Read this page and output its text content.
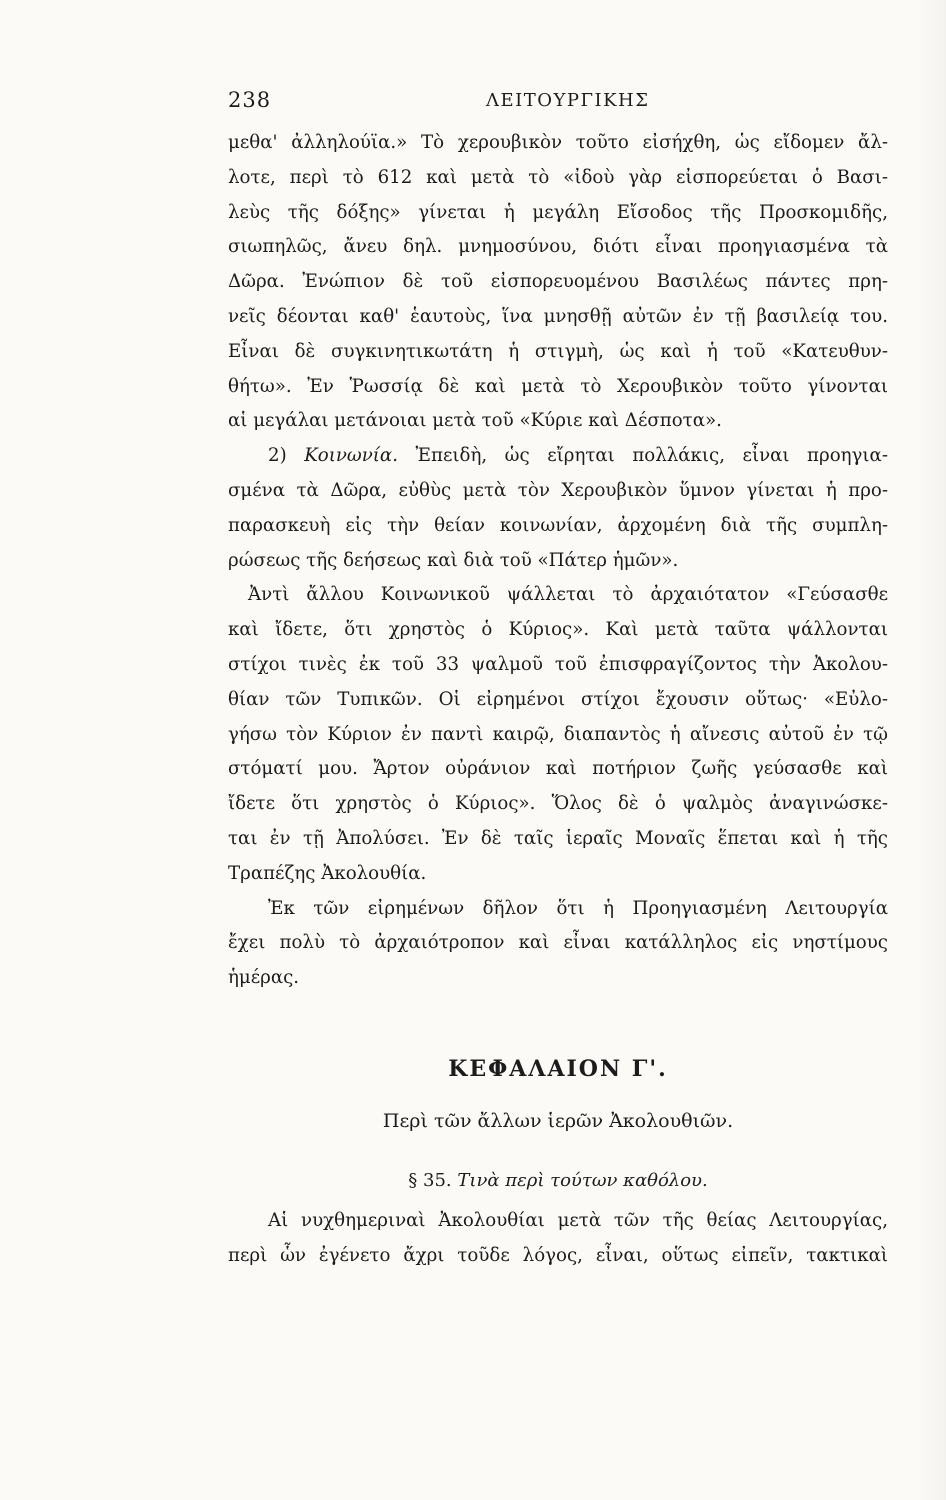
238	ΛΕΙΤΟΥΡΓΙΚΗΣ

μεθα' ἀλληλούϊα.» Τὸ χερουβικὸν τοῦτο εἰσήχθη, ὡς εἴδομεν ἄλ-
λοτε, περὶ τὸ 612 καὶ μετὰ τὸ «ἰδοὺ γὰρ εἰσπορεύεται ὁ Βασι-
λεὺς τῆς δόξης» γίνεται ἡ μεγάλη Εἴσοδος τῆς Προσκομιδῆς,
σιωπηλῶς, ἄνευ δηλ. μνημοσύνου, διότι εἶναι προηγιασμένα τὰ
Δῶρα. Ἐνώπιον δὲ τοῦ εἰσπορευομένου Βασιλέως πάντες πρη-
νεῖς δέονται καθ' ἑαυτοὺς, ἵνα μνησθῇ αὐτῶν ἐν τῇ βασιλείᾳ του.
Εἶναι δὲ συγκινητικωτάτη ἡ στιγμὴ, ὡς καὶ ἡ τοῦ «Κατευθυν-
θήτω». Ἐν Ῥωσσίᾳ δὲ καὶ μετὰ τὸ Χερουβικὸν τοῦτο γίνονται
αἱ μεγάλαι μετάνοιαι μετὰ τοῦ «Κύριε καὶ Δέσποτα».

2) Κοινωνία. Ἐπειδὴ, ὡς εἴρηται πολλάκις, εἶναι προηγια-
σμένα τὰ Δῶρα, εὐθὺς μετὰ τὸν Χερουβικὸν ὕμνον γίνεται ἡ προ-
παρασκευὴ εἰς τὴν θείαν κοινωνίαν, ἀρχομένη διὰ τῆς συμπλη-
ρώσεως τῆς δεήσεως καὶ διὰ τοῦ «Πάτερ ἡμῶν».

Ἀντὶ ἄλλου Κοινωνικοῦ ψάλλεται τὸ ἀρχαιότατον «Γεύσασθε
καὶ ἴδετε, ὅτι χρηστὸς ὁ Κύριος». Καὶ μετὰ ταῦτα ψάλλονται
στίχοι τινὲς ἐκ τοῦ 33 ψαλμοῦ τοῦ ἐπισφραγίζοντος τὴν Ἀκολου-
θίαν τῶν Τυπικῶν. Οἱ εἰρημένοι στίχοι ἔχουσιν οὕτως· «Εὐλο-
γήσω τὸν Κύριον ἐν παντὶ καιρῷ, διαπαντὸς ἡ αἴνεσις αὐτοῦ ἐν τῷ
στόματί μου. Ἄρτον οὐράνιον καὶ ποτήριον ζωῆς γεύσασθε καὶ
ἴδετε ὅτι χρηστὸς ὁ Κύριος». Ὅλος δὲ ὁ ψαλμὸς ἀναγινώσκε-
ται ἐν τῇ Ἀπολύσει. Ἐν δὲ ταῖς ἱεραῖς Μοναῖς ἕπεται καὶ ἡ τῆς
Τραπέζης Ἀκολουθία.

Ἐκ τῶν εἰρημένων δῆλον ὅτι ἡ Προηγιασμένη Λειτουργία
ἔχει πολὺ τὸ ἀρχαιότροπον καὶ εἶναι κατάλληλος εἰς νηστίμους
ἡμέρας.

ΚΕΦΑΛΑΙΟΝ Γ'.
Περὶ τῶν ἄλλων ἱερῶν Ἀκολουθιῶν.
§ 35. Τινὰ περὶ τούτων καθόλου.
Αἱ νυχθημεριναὶ Ἀκολουθίαι μετὰ τῶν τῆς θείας Λειτουργίας,
περὶ ὧν ἐγένετο ἄχρι τοῦδε λόγος, εἶναι, οὕτως εἰπεῖν, τακτικαὶ
